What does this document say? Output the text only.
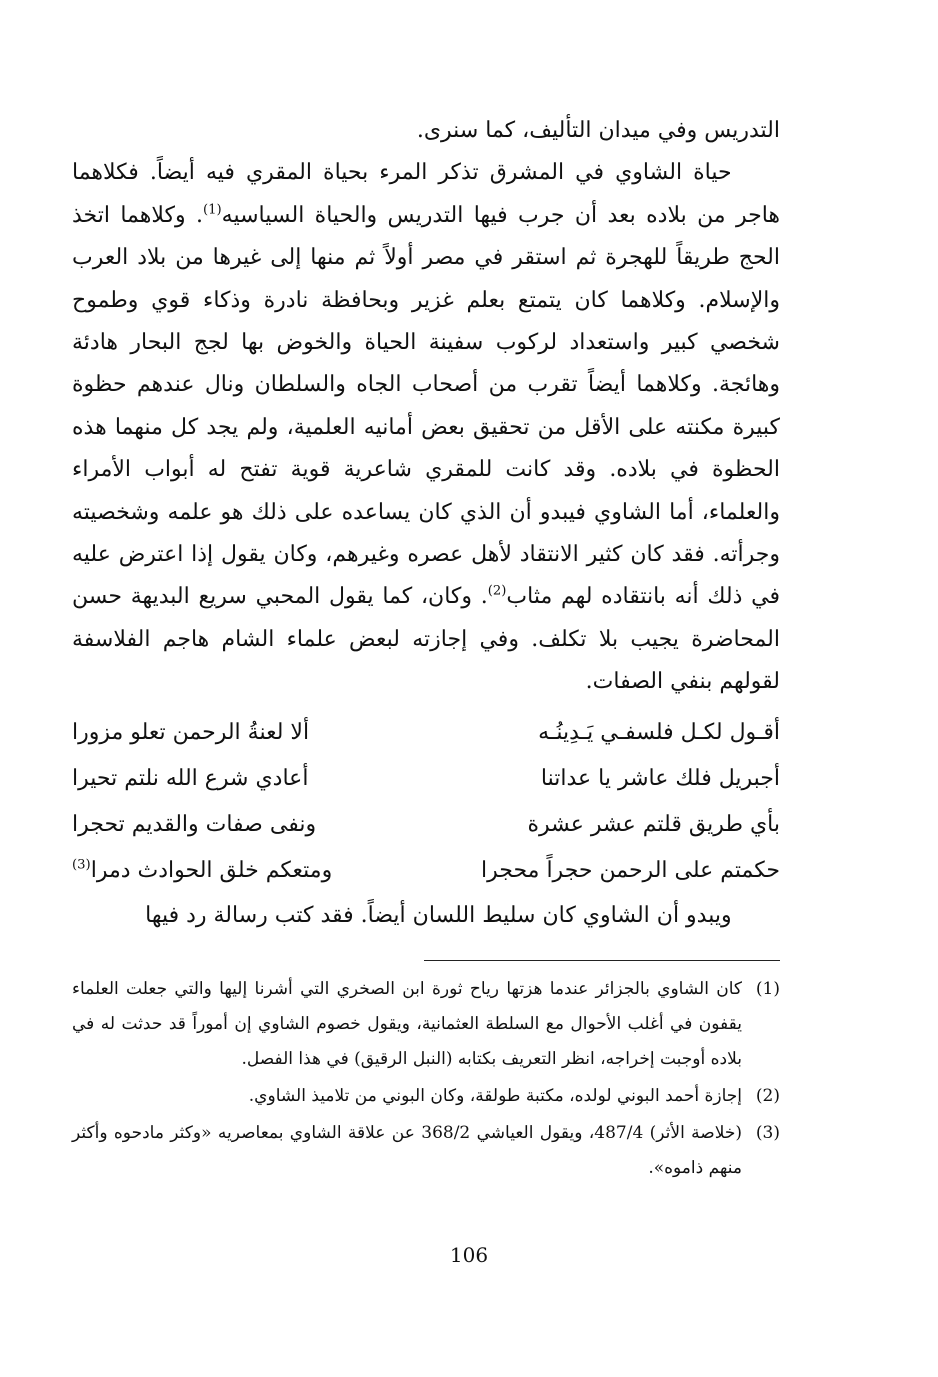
التدريس وفي ميدان التأليف، كما سنرى.

حياة الشاوي في المشرق تذكر المرء بحياة المقري فيه أيضاً. فكلاهما هاجر من بلاده بعد أن جرب فيها التدريس والحياة السياسيه$^{(1)}$. وكلاهما اتخذ الحج طريقاً للهجرة ثم استقر في مصر أولاً ثم منها إلى غيرها من بلاد العرب والإسلام. وكلاهما كان يتمتع بعلم غزير وبحافظة نادرة وذكاء قوي وطموح شخصي كبير واستعداد لركوب سفينة الحياة والخوض بها لجج البحار هادئة وهائجة. وكلاهما أيضاً تقرب من أصحاب الجاه والسلطان ونال عندهم حظوة كبيرة مكنته على الأقل من تحقيق بعض أمانيه العلمية، ولم يجد كل منهما هذه الحظوة في بلاده. وقد كانت للمقري شاعرية قوية تفتح له أبواب الأمراء والعلماء، أما الشاوي فيبدو أن الذي كان يساعده على ذلك هو علمه وشخصيته وجرأته. فقد كان كثير الانتقاد لأهل عصره وغيرهم، وكان يقول إذا اعترض عليه في ذلك أنه بانتقاده لهم مثاب$^{(2)}$. وكان، كما يقول المحبي سريع البديهة حسن المحاضرة يجيب بلا تكلف. وفي إجازته لبعض علماء الشام هاجم الفلاسفة لقولهم بنفي الصفات.

أقـول لكـل فلسفـي يَـدِينُـه
ألا لعنةُ الرحمن تعلو مزورا
أجبريل فلك عاشر يا عداتنا
أعادي شرع الله نلتم تحيرا
بأي طريق قلتم عشر عشرة
ونفى صفات والقديم تحجرا
حكمتم على الرحمن حجراً محجرا
ومتعكم خلق الحوادث دمرا$^{(3)}$
ويبدو أن الشاوي كان سليط اللسان أيضاً. فقد كتب رسالة رد فيها
(1)
كان الشاوي بالجزائر عندما هزتها رياح ثورة ابن الصخري التي أشرنا إليها والتي جعلت العلماء يقفون في أغلب الأحوال مع السلطة العثمانية، ويقول خصوم الشاوي إن أموراً قد حدثت له في بلاده أوجبت إخراجه، انظر التعريف بكتابه (النبل الرقيق) في هذا الفصل.
(2)
إجازة أحمد البوني لولده، مكتبة طولقة، وكان البوني من تلاميذ الشاوي.
(3)
(خلاصة الأثر) 487/4، ويقول العياشي 368/2 عن علاقة الشاوي بمعاصريه «وكثر مادحوه وأكثر منهم ذاموه».
106
